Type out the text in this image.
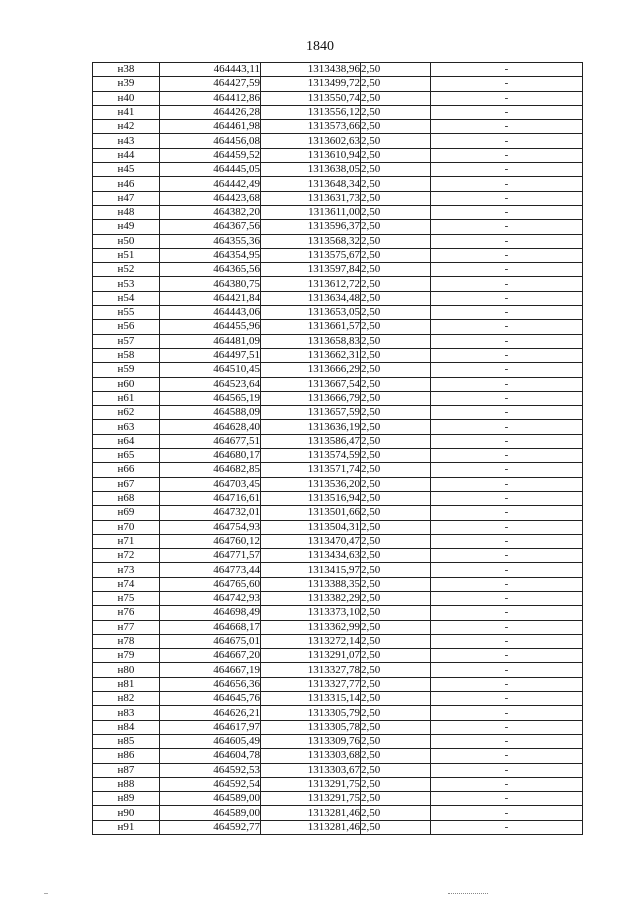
1840
н38	464443,11	1313438,96	2,50	-
н39	464427,59	1313499,72	2,50	-
н40	464412,86	1313550,74	2,50	-
н41	464426,28	1313556,12	2,50	-
н42	464461,98	1313573,66	2,50	-
н43	464456,08	1313602,63	2,50	-
н44	464459,52	1313610,94	2,50	-
н45	464445,05	1313638,05	2,50	-
н46	464442,49	1313648,34	2,50	-
н47	464423,68	1313631,73	2,50	-
н48	464382,20	1313611,00	2,50	-
н49	464367,56	1313596,37	2,50	-
н50	464355,36	1313568,32	2,50	-
н51	464354,95	1313575,67	2,50	-
н52	464365,56	1313597,84	2,50	-
н53	464380,75	1313612,72	2,50	-
н54	464421,84	1313634,48	2,50	-
н55	464443,06	1313653,05	2,50	-
н56	464455,96	1313661,57	2,50	-
н57	464481,09	1313658,83	2,50	-
н58	464497,51	1313662,31	2,50	-
н59	464510,45	1313666,29	2,50	-
н60	464523,64	1313667,54	2,50	-
н61	464565,19	1313666,79	2,50	-
н62	464588,09	1313657,59	2,50	-
н63	464628,40	1313636,19	2,50	-
н64	464677,51	1313586,47	2,50	-
н65	464680,17	1313574,59	2,50	-
н66	464682,85	1313571,74	2,50	-
н67	464703,45	1313536,20	2,50	-
н68	464716,61	1313516,94	2,50	-
н69	464732,01	1313501,66	2,50	-
н70	464754,93	1313504,31	2,50	-
н71	464760,12	1313470,47	2,50	-
н72	464771,57	1313434,63	2,50	-
н73	464773,44	1313415,97	2,50	-
н74	464765,60	1313388,35	2,50	-
н75	464742,93	1313382,29	2,50	-
н76	464698,49	1313373,10	2,50	-
н77	464668,17	1313362,99	2,50	-
н78	464675,01	1313272,14	2,50	-
н79	464667,20	1313291,07	2,50	-
н80	464667,19	1313327,78	2,50	-
н81	464656,36	1313327,77	2,50	-
н82	464645,76	1313315,14	2,50	-
н83	464626,21	1313305,79	2,50	-
н84	464617,97	1313305,78	2,50	-
н85	464605,49	1313309,76	2,50	-
н86	464604,78	1313303,68	2,50	-
н87	464592,53	1313303,67	2,50	-
н88	464592,54	1313291,75	2,50	-
н89	464589,00	1313291,75	2,50	-
н90	464589,00	1313281,46	2,50	-
н91	464592,77	1313281,46	2,50	-
